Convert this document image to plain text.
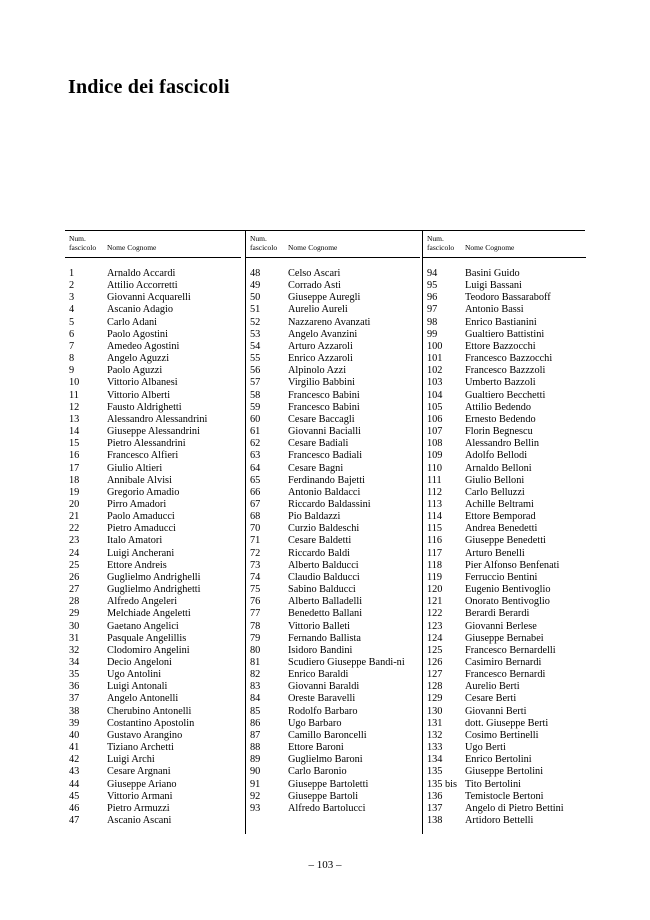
Indice dei fascicoli
Num.
fascicolo	Nome Cognome
1	Arnaldo Accardi
2	Attilio Accorretti
3	Giovanni Acquarelli
4	Ascanio Adagio
5	Carlo Adani
6	Paolo Agostini
7	Amedeo Agostini
8	Angelo Aguzzi
9	Paolo Aguzzi
10	Vittorio Albanesi
11	Vittorio Alberti
12	Fausto Aldrighetti
13	Alessandro Alessandrini
14	Giuseppe Alessandrini
15	Pietro Alessandrini
16	Francesco Alfieri
17	Giulio Altieri
18	Annibale Alvisi
19	Gregorio Amadio
20	Pirro Amadori
21	Paolo Amaducci
22	Pietro Amaducci
23	Italo Amatori
24	Luigi Ancherani
25	Ettore Andreis
26	Guglielmo Andrighelli
27	Guglielmo Andrighetti
28	Alfredo Angeleri
29	Melchiade Angeletti
30	Gaetano Angelici
31	Pasquale Angelillis
32	Clodomiro Angelini
34	Decio Angeloni
35	Ugo Antolini
36	Luigi Antonali
37	Angelo Antonelli
38	Cherubino Antonelli
39	Costantino Apostolin
40	Gustavo Arangino
41	Tiziano Archetti
42	Luigi Archi
43	Cesare Argnani
44	Giuseppe Ariano
45	Vittorio Armani
46	Pietro Armuzzi
47	Ascanio Ascani
Num.
fascicolo	Nome Cognome
48	Celso Ascari
49	Corrado Asti
50	Giuseppe Auregli
51	Aurelio Aureli
52	Nazzareno Avanzati
53	Angelo Avanzini
54	Arturo Azzaroli
55	Enrico Azzaroli
56	Alpinolo Azzi
57	Virgilio Babbini
58	Francesco Babini
59	Francesco Babini
60	Cesare Baccagli
61	Giovanni Bacialli
62	Cesare Badiali
63	Francesco Badiali
64	Cesare Bagni
65	Ferdinando Bajetti
66	Antonio Baldacci
67	Riccardo Baldassini
68	Pio Baldazzi
70	Curzio Baldeschi
71	Cesare Baldetti
72	Riccardo Baldi
73	Alberto Balducci
74	Claudio Balducci
75	Sabino Balducci
76	Alberto Balladelli
77	Benedetto Ballani
78	Vittorio Balleti
79	Fernando Ballista
80	Isidoro Bandini
81	Scudiero Giuseppe Bandi-ni
82	Enrico Baraldi
83	Giovanni Baraldi
84	Oreste Baravelli
85	Rodolfo Barbaro
86	Ugo Barbaro
87	Camillo Baroncelli
88	Ettore Baroni
89	Guglielmo Baroni
90	Carlo Baronio
91	Giuseppe Bartoletti
92	Giuseppe Bartoli
93	Alfredo Bartolucci
Num.
fascicolo	Nome Cognome
94	Basini Guido
95	Luigi Bassani
96	Teodoro Bassaraboff
97	Antonio Bassi
98	Enrico Bastianini
99	Gualtiero Battistini
100 Ettore Bazzocchi
101 Francesco Bazzocchi
102 Francesco Bazzzoli
103 Umberto Bazzoli
104 Gualtiero Becchetti
105 Attilio Bedendo
106 Ernesto Bedendo
107 Florin Begnescu
108 Alessandro Bellin
109 Adolfo Bellodi
110 Arnaldo Belloni
111 Giulio Belloni
112 Carlo Belluzzi
113 Achille Beltrami
114 Ettore Bemporad
115 Andrea Benedetti
116 Giuseppe Benedetti
117 Arturo Benelli
118 Pier Alfonso Benfenati
119 Ferruccio Bentini
120 Eugenio Bentivoglio
121 Onorato Bentivoglio
122 Berardi Berardi
123 Giovanni Berlese
124 Giuseppe Bernabei
125 Francesco Bernardelli
126 Casimiro Bernardi
127 Francesco Bernardi
128 Aurelio Berti
129 Cesare Berti
130 Giovanni Berti
131 dott. Giuseppe Berti
132 Cosimo Bertinelli
133 Ugo Berti
134 Enrico Bertolini
135 Giuseppe Bertolini
135 bis Tito Bertolini
136 Temistocle Bertoni
137 Angelo di Pietro Bettini
138 Artidoro Bettelli
– 103 –
